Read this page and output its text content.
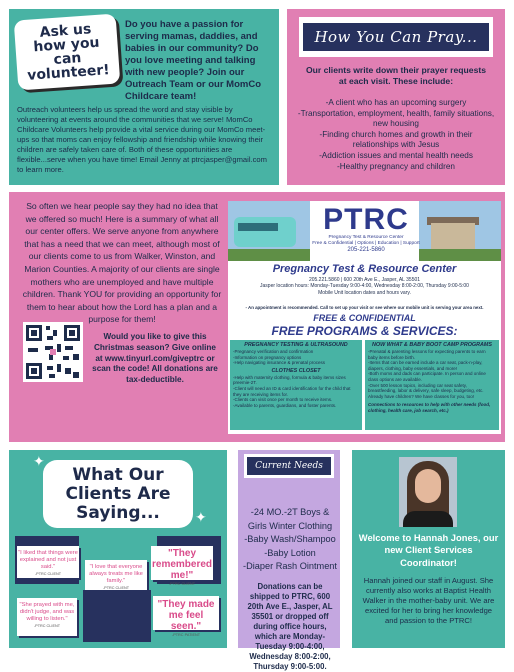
Ask us
how you
can
volunteer!

Do you have a passion for serving mamas, daddies, and babies in our community? Do you love meeting and talking with new people? Join our Outreach Team or our MomCo Childcare team!

Outreach volunteers help us spread the word and stay visible by volunteering at events around the communities that we serve! MomCo Childcare Volunteers help provide a vital service during our MomCo meet-ups so that moms can enjoy fellowship and friendship while knowing their children are safely taken care of. Both of these opportunities are flexible...serve when you have time! Email Jenny at ptrcjasper@gmail.com to learn more.

How You Can Pray...

Our clients write down their prayer requests at each visit. These include:

-A client who has an upcoming surgery
-Transportation, employment, health, family situations, new housing
-Finding church homes and growth in their relationships with Jesus
-Addiction issues and mental health needs
-Healthy pregnancy and children

So often we hear people say they had no idea that we offered so much! Here is a summary of what all our center offers. We serve anyone from anywhere that has a need that we can meet, although most of our clients come to us from Walker, Winston, and Marion Counties. A majority of our clients are single mothers who are unemployed and have multiple children. Thank YOU for providing an opportunity for them to hear about how the Lord has a plan and a purpose for them!

Would you like to give this Christmas season? Give online at www.tinyurl.com/giveptrc or scan the code! All donations are tax-deductible.

PTRC
Pregnancy Test & Resource Center
Free & Confidential | Options | Education | Support
205-221-5860
Pregnancy Test & Resource Center
205.221.5860 | 600 20th Ave E., Jasper, AL 35501
Jasper location hours: Monday-Tuesday 9:00-4:00, Wednesday 8:00-2:00, Thursday 9:00-5:00
Mobile Unit location dates and hours vary.
- An appointment is recommended. Call to set up your visit or see where our mobile unit is serving your area next.
FREE & CONFIDENTIAL
FREE PROGRAMS & SERVICES:
PREGNANCY TESTING & ULTRASOUND
-Pregnancy verification and confirmation
-Information on pregnancy options
-Help navigating insurance & prenatal process
CLOTHES CLOSET
-Help with maternity clothing, formula & baby items sizes preemie-2T.
-Client will need an ID & card identification for the child that they are receiving items for.
-Clients can visit once per month to receive items.
-Available to parents, guardians, and foster parents.
NOW WHAT & BABY BOOT CAMP PROGRAMS
-Prenatal & parenting lessons for expecting parents to earn baby items before birth.
-Items that can be earned include a car seat, pack-n-play, diapers, clothing, baby essentials, and more!
-Both moms and dads can participate. In person and online class options are available.
-Over 500 lesson topics, including car seat safety, breastfeeding, labor & delivery, safe sleep, budgeting, etc. Already have children? We have classes for you, too!
Connections to resources to help with other needs (food, clothing, health care, job search, etc.)
What Our
Clients Are
Saying...
✦
✦
"I liked that things were explained and not just said."
-PTRC CLIENT
"They remembered me!"
-PTRC CLIENT
"I love that everyone always treats me like family."
-PTRC CLIENT
"She prayed with me, didn't judge, and was willing to listen."
-PTRC CLIENT
"They made me feel seen."
-PTRC PATIENT
Current Needs
-24 MO.-2T Boys & Girls Winter Clothing
-Baby Wash/Shampoo
-Baby Lotion
-Diaper Rash Ointment

Donations can be shipped to PTRC, 600 20th Ave E., Jasper, AL 35501 or dropped off during office hours, which are Monday-Tuesday 9:00-4:00, Wednesday 8:00-2:00, Thursday 9:00-5:00.

Welcome to Hannah Jones, our new Client Services Coordinator!

Hannah joined our staff in August. She currently also works at Baptist Health Walker in the mother-baby unit. We are excited for her to bring her knowledge and passion to the PTRC!
